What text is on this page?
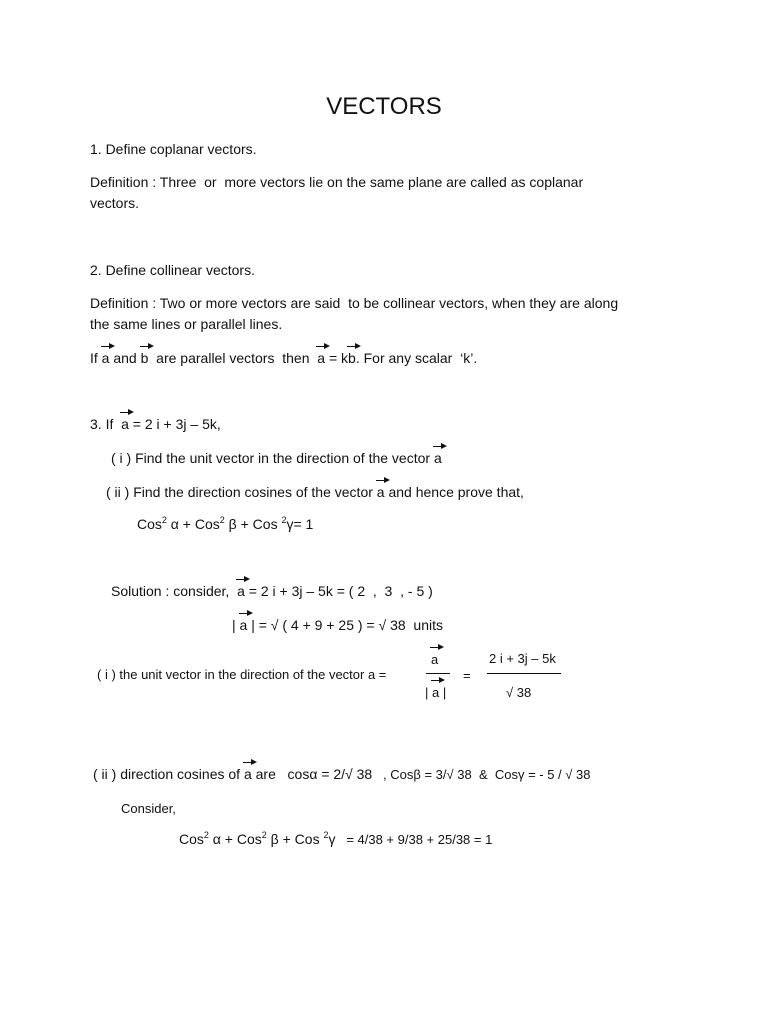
VECTORS
1. Define coplanar vectors.
Definition : Three  or  more vectors lie on the same plane are called as coplanar
vectors.
2. Define collinear vectors.
Definition : Two or more vectors are said  to be collinear vectors, when they are along
the same lines or parallel lines.
If a and b  are parallel vectors  then  a = kb. For any scalar  ‘k’.
3. If  a = 2 i + 3j – 5k,
( i ) Find the unit vector in the direction of the vector a
( ii ) Find the direction cosines of the vector a and hence prove that,
Cos$^2$ α + Cos$^2$ β + Cos $^2$γ= 1
Solution : consider,  a = 2 i + 3j – 5k = ( 2  ,  3  , - 5 )
| a | = √ ( 4 + 9 + 25 ) = √ 38  units
( i ) the unit vector in the direction of the vector a =
a
| a |
=
2 i + 3j – 5k
√ 38
( ii ) direction cosines of a are   cosα = 2/√ 38   , Cosβ = 3/√ 38  &  Cosγ = - 5 / √ 38
Consider,
Cos$^2$ α + Cos$^2$ β + Cos $^2$γ   = 4/38 + 9/38 + 25/38 = 1
